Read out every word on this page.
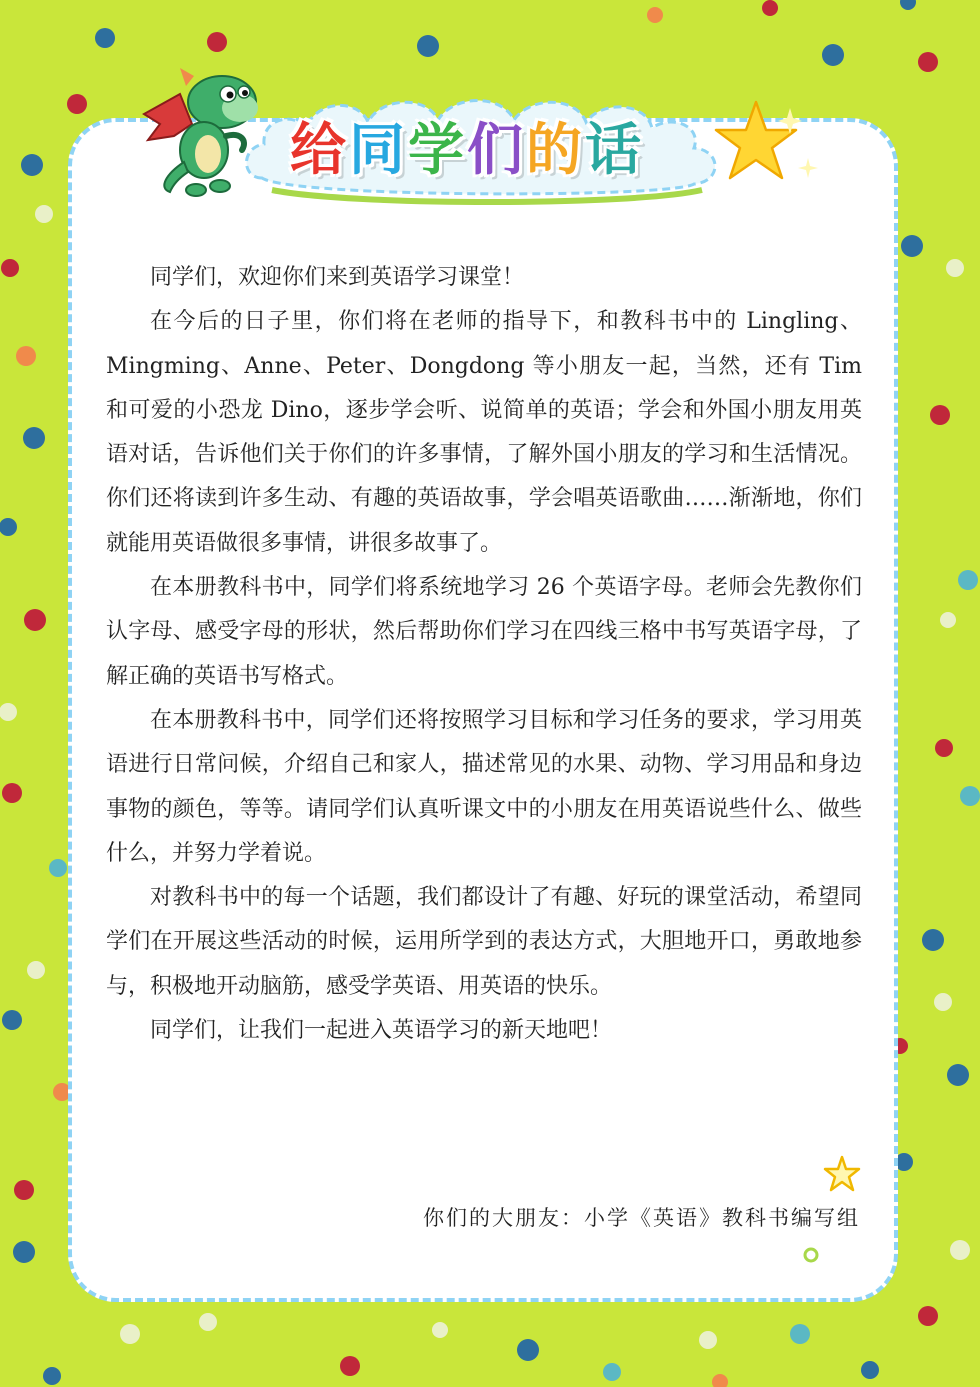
给 同 学 们 的 话

同学们，欢迎你们来到英语学习课堂！

在今后的日子里，你们将在老师的指导下，和教科书中的 Lingling、Mingming、Anne、Peter、Dongdong 等小朋友一起，当然，还有 Tim 和可爱的小恐龙 Dino，逐步学会听、说简单的英语；学会和外国小朋友用英语对话，告诉他们关于你们的许多事情，了解外国小朋友的学习和生活情况。你们还将读到许多生动、有趣的英语故事，学会唱英语歌曲……渐渐地，你们就能用英语做很多事情，讲很多故事了。

在本册教科书中，同学们将系统地学习 26 个英语字母。老师会先教你们认字母、感受字母的形状，然后帮助你们学习在四线三格中书写英语字母，了解正确的英语书写格式。

在本册教科书中，同学们还将按照学习目标和学习任务的要求，学习用英语进行日常问候，介绍自己和家人，描述常见的水果、动物、学习用品和身边事物的颜色，等等。请同学们认真听课文中的小朋友在用英语说些什么、做些什么，并努力学着说。

对教科书中的每一个话题，我们都设计了有趣、好玩的课堂活动，希望同学们在开展这些活动的时候，运用所学到的表达方式，大胆地开口，勇敢地参与，积极地开动脑筋，感受学英语、用英语的快乐。

同学们，让我们一起进入英语学习的新天地吧！

你们的大朋友：小学《英语》教科书编写组
